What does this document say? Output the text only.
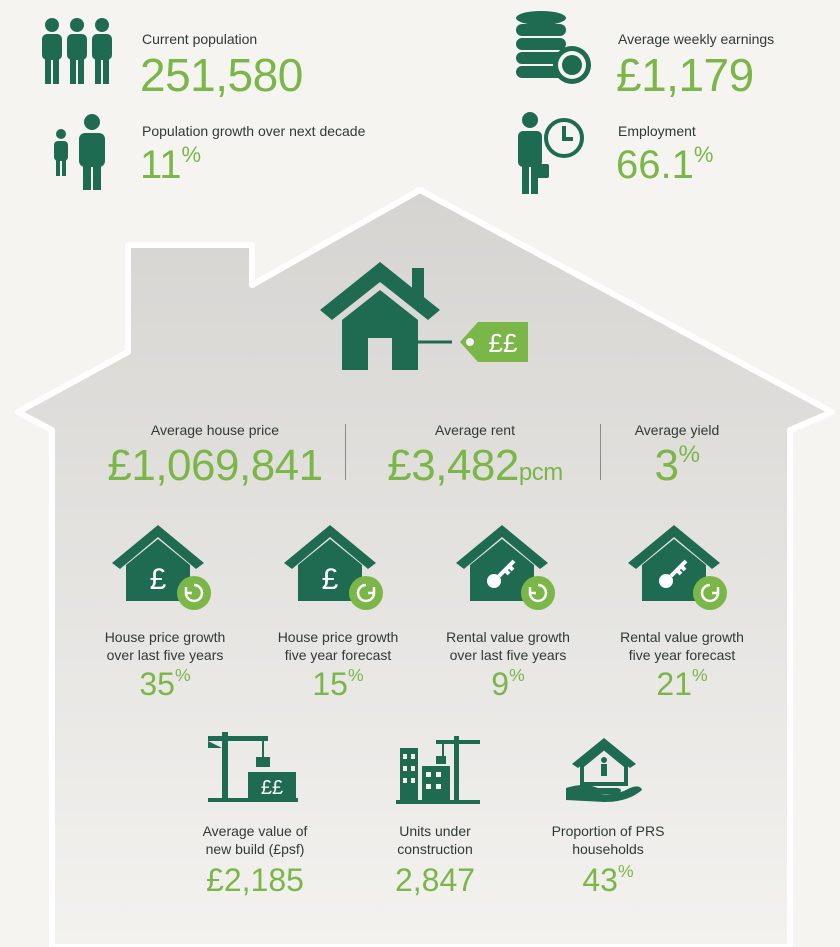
Current population
251,580
Population growth over next decade
11%
Average weekly earnings
£1,179
Employment
66.1%
££
Average house price
£1,069,841
Average rent
£3,482pcm
Average yield
3%
£	£
House price growth
over last five years
35%
House price growth
five year forecast
15%
Rental value growth
over last five years
9%
Rental value growth
five year forecast
21%
££
Average value of
new build (£psf)
£2,185
Units under
construction
2,847
Proportion of PRS
households
43%
